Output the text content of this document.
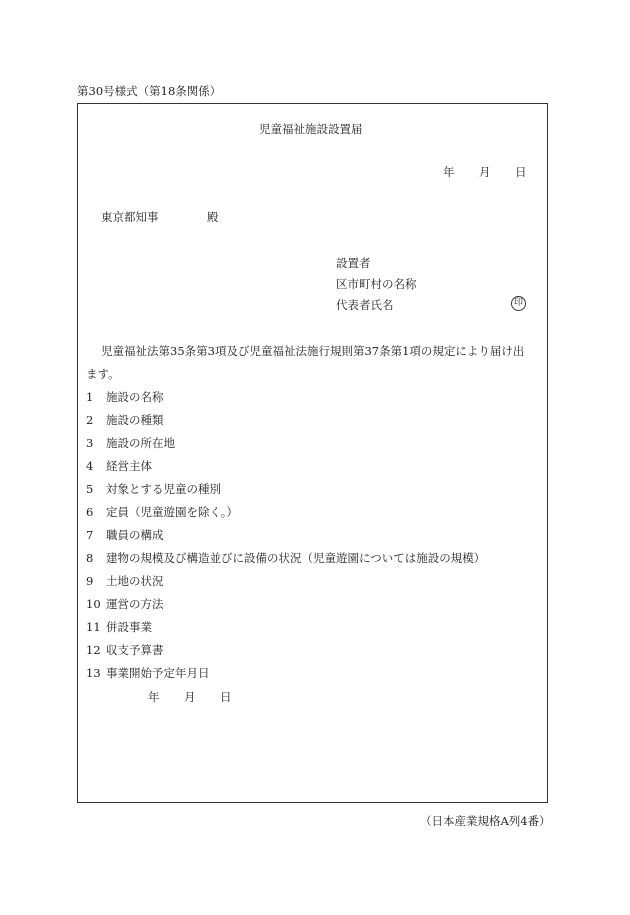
第30号様式（第18条関係）
児童福祉施設設置届
年 月 日
東京都知事	殿
設置者
区市町村の名称
代表者氏名	印
児童福祉法第35条第3項及び児童福祉法施行規則第37条第1項の規定により届け出
ます。
1 施設の名称
2 施設の種類
3 施設の所在地
4 経営主体
5 対象とする児童の種別
6 定員（児童遊園を除く。）
7 職員の構成
8 建物の規模及び構造並びに設備の状況（児童遊園については施設の規模）
9 土地の状況
10 運営の方法
11 併設事業
12 収支予算書
13 事業開始予定年月日
年 月 日
（日本産業規格A列4番）
